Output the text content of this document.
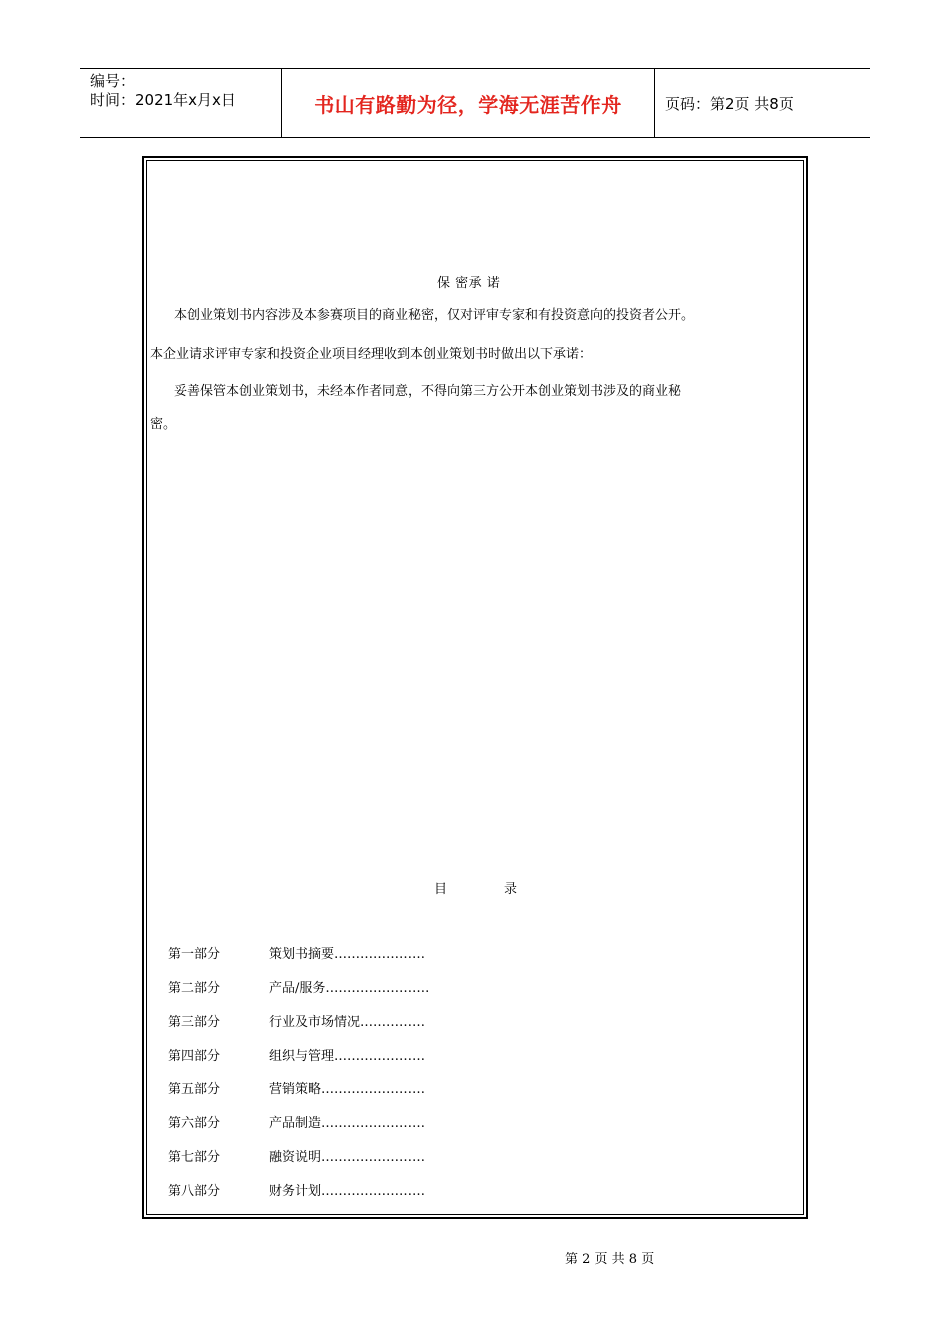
编号：
时间：2021年x月x日	书山有路勤为径，学海无涯苦作舟	页码：第2页 共8页
保 密承 诺
本创业策划书内容涉及本参赛项目的商业秘密，仅对评审专家和有投资意向的投资者公开。
本企业请求评审专家和投资企业项目经理收到本创业策划书时做出以下承诺：
妥善保管本创业策划书，未经本作者同意，不得向第三方公开本创业策划书涉及的商业秘
密。
目	录
第一部分	策划书摘要…………………
第二部分	产品/服务……………………
第三部分	行业及市场情况……………
第四部分	组织与管理…………………
第五部分	营销策略……………………
第六部分	产品制造……………………
第七部分	融资说明……………………
第八部分	财务计划……………………
第 2 页 共 8 页
